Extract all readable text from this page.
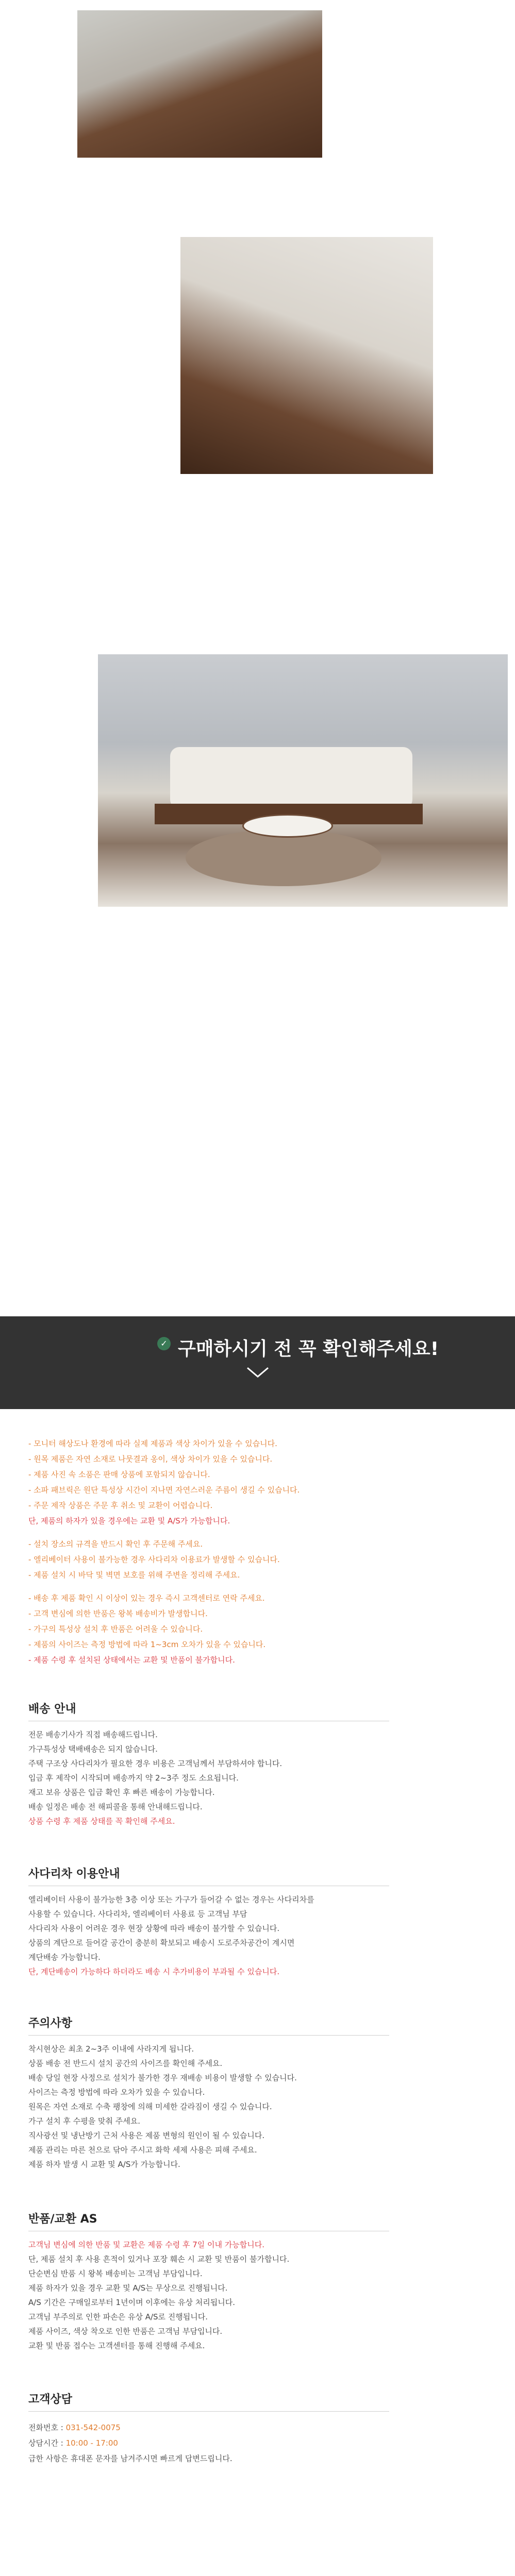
✓ 구매하시기 전 꼭 확인해주세요!
- 모니터 해상도나 환경에 따라 실제 제품과 색상 차이가 있을 수 있습니다.
- 원목 제품은 자연 소재로 나뭇결과 옹이, 색상 차이가 있을 수 있습니다.
- 제품 사진 속 소품은 판매 상품에 포함되지 않습니다.
- 소파 패브릭은 원단 특성상 시간이 지나면 자연스러운 주름이 생길 수 있습니다.
- 주문 제작 상품은 주문 후 취소 및 교환이 어렵습니다.
단, 제품의 하자가 있을 경우에는 교환 및 A/S가 가능합니다.
- 설치 장소의 규격을 반드시 확인 후 주문해 주세요.
- 엘리베이터 사용이 불가능한 경우 사다리차 이용료가 발생할 수 있습니다.
- 제품 설치 시 바닥 및 벽면 보호를 위해 주변을 정리해 주세요.
- 배송 후 제품 확인 시 이상이 있는 경우 즉시 고객센터로 연락 주세요.
- 고객 변심에 의한 반품은 왕복 배송비가 발생합니다.
- 가구의 특성상 설치 후 반품은 어려울 수 있습니다.
- 제품의 사이즈는 측정 방법에 따라 1~3cm 오차가 있을 수 있습니다.
- 제품 수령 후 설치된 상태에서는 교환 및 반품이 불가합니다.
배송 안내
전문 배송기사가 직접 배송해드립니다.
가구특성상 택배배송은 되지 않습니다.
주택 구조상 사다리차가 필요한 경우 비용은 고객님께서 부담하셔야 합니다.
입금 후 제작이 시작되며 배송까지 약 2~3주 정도 소요됩니다.
재고 보유 상품은 입금 확인 후 빠른 배송이 가능합니다.
배송 일정은 배송 전 해피콜을 통해 안내해드립니다.
상품 수령 후 제품 상태를 꼭 확인해 주세요.
사다리차 이용안내
엘리베이터 사용이 불가능한 3층 이상 또는 가구가 들어갈 수 없는 경우는 사다리차를
사용할 수 있습니다. 사다리차, 엘리베이터 사용료 등 고객님 부담
사다리차 사용이 어려운 경우 현장 상황에 따라 배송이 불가할 수 있습니다.
상품의 계단으로 들어갈 공간이 충분히 확보되고 배송시 도로주차공간이 계시면
계단배송 가능합니다.
단, 계단배송이 가능하다 하더라도 배송 시 추가비용이 부과될 수 있습니다.
주의사항
착시현상은 최초 2~3주 이내에 사라지게 됩니다.
상품 배송 전 반드시 설치 공간의 사이즈를 확인해 주세요.
배송 당일 현장 사정으로 설치가 불가한 경우 재배송 비용이 발생할 수 있습니다.
사이즈는 측정 방법에 따라 오차가 있을 수 있습니다.
원목은 자연 소재로 수축 팽창에 의해 미세한 갈라짐이 생길 수 있습니다.
가구 설치 후 수평을 맞춰 주세요.
직사광선 및 냉난방기 근처 사용은 제품 변형의 원인이 될 수 있습니다.
제품 관리는 마른 천으로 닦아 주시고 화학 세제 사용은 피해 주세요.
제품 하자 발생 시 교환 및 A/S가 가능합니다.
반품/교환 AS
고객님 변심에 의한 반품 및 교환은 제품 수령 후 7일 이내 가능합니다.
단, 제품 설치 후 사용 흔적이 있거나 포장 훼손 시 교환 및 반품이 불가합니다.
단순변심 반품 시 왕복 배송비는 고객님 부담입니다.
제품 하자가 있을 경우 교환 및 A/S는 무상으로 진행됩니다.
A/S 기간은 구매일로부터 1년이며 이후에는 유상 처리됩니다.
고객님 부주의로 인한 파손은 유상 A/S로 진행됩니다.
제품 사이즈, 색상 착오로 인한 반품은 고객님 부담입니다.
교환 및 반품 접수는 고객센터를 통해 진행해 주세요.
고객상담
전화번호 : 031-542-0075
상담시간 : 10:00 - 17:00
급한 사항은 휴대폰 문자를 남겨주시면 빠르게 답변드립니다.
